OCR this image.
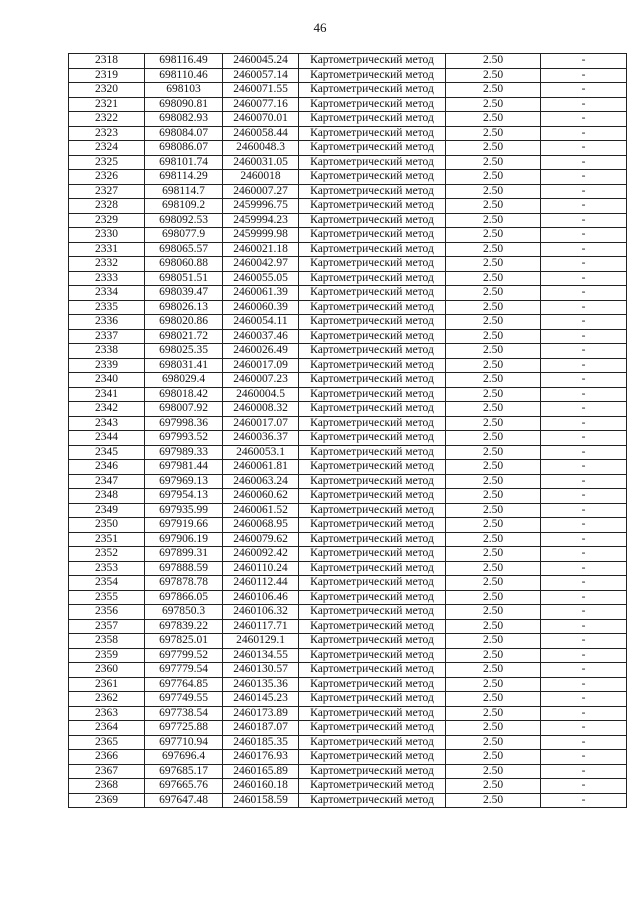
46
2318	698116.49	2460045.24	Картометрический метод	2.50	-
2319	698110.46	2460057.14	Картометрический метод	2.50	-
2320	698103	2460071.55	Картометрический метод	2.50	-
2321	698090.81	2460077.16	Картометрический метод	2.50	-
2322	698082.93	2460070.01	Картометрический метод	2.50	-
2323	698084.07	2460058.44	Картометрический метод	2.50	-
2324	698086.07	2460048.3	Картометрический метод	2.50	-
2325	698101.74	2460031.05	Картометрический метод	2.50	-
2326	698114.29	2460018	Картометрический метод	2.50	-
2327	698114.7	2460007.27	Картометрический метод	2.50	-
2328	698109.2	2459996.75	Картометрический метод	2.50	-
2329	698092.53	2459994.23	Картометрический метод	2.50	-
2330	698077.9	2459999.98	Картометрический метод	2.50	-
2331	698065.57	2460021.18	Картометрический метод	2.50	-
2332	698060.88	2460042.97	Картометрический метод	2.50	-
2333	698051.51	2460055.05	Картометрический метод	2.50	-
2334	698039.47	2460061.39	Картометрический метод	2.50	-
2335	698026.13	2460060.39	Картометрический метод	2.50	-
2336	698020.86	2460054.11	Картометрический метод	2.50	-
2337	698021.72	2460037.46	Картометрический метод	2.50	-
2338	698025.35	2460026.49	Картометрический метод	2.50	-
2339	698031.41	2460017.09	Картометрический метод	2.50	-
2340	698029.4	2460007.23	Картометрический метод	2.50	-
2341	698018.42	2460004.5	Картометрический метод	2.50	-
2342	698007.92	2460008.32	Картометрический метод	2.50	-
2343	697998.36	2460017.07	Картометрический метод	2.50	-
2344	697993.52	2460036.37	Картометрический метод	2.50	-
2345	697989.33	2460053.1	Картометрический метод	2.50	-
2346	697981.44	2460061.81	Картометрический метод	2.50	-
2347	697969.13	2460063.24	Картометрический метод	2.50	-
2348	697954.13	2460060.62	Картометрический метод	2.50	-
2349	697935.99	2460061.52	Картометрический метод	2.50	-
2350	697919.66	2460068.95	Картометрический метод	2.50	-
2351	697906.19	2460079.62	Картометрический метод	2.50	-
2352	697899.31	2460092.42	Картометрический метод	2.50	-
2353	697888.59	2460110.24	Картометрический метод	2.50	-
2354	697878.78	2460112.44	Картометрический метод	2.50	-
2355	697866.05	2460106.46	Картометрический метод	2.50	-
2356	697850.3	2460106.32	Картометрический метод	2.50	-
2357	697839.22	2460117.71	Картометрический метод	2.50	-
2358	697825.01	2460129.1	Картометрический метод	2.50	-
2359	697799.52	2460134.55	Картометрический метод	2.50	-
2360	697779.54	2460130.57	Картометрический метод	2.50	-
2361	697764.85	2460135.36	Картометрический метод	2.50	-
2362	697749.55	2460145.23	Картометрический метод	2.50	-
2363	697738.54	2460173.89	Картометрический метод	2.50	-
2364	697725.88	2460187.07	Картометрический метод	2.50	-
2365	697710.94	2460185.35	Картометрический метод	2.50	-
2366	697696.4	2460176.93	Картометрический метод	2.50	-
2367	697685.17	2460165.89	Картометрический метод	2.50	-
2368	697665.76	2460160.18	Картометрический метод	2.50	-
2369	697647.48	2460158.59	Картометрический метод	2.50	-
